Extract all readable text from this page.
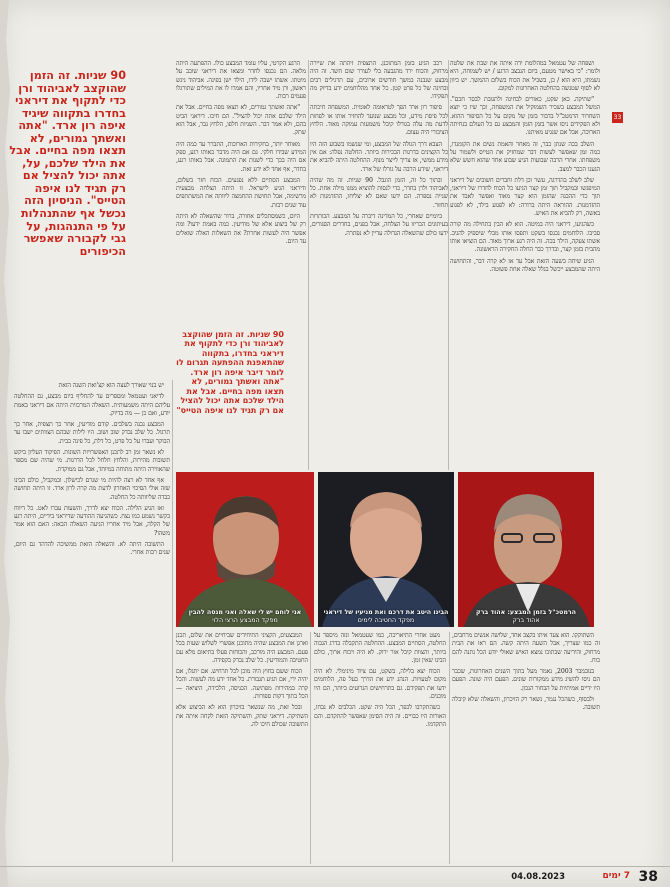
90 שניות. זה הזמן שהוקצב לאביהוד ורן כדי לתקוף את דיראני בחדרו בתקווה שיגיד איפה רון ארד. "אתה ואשתך גמורים, לא תצאו מפה בחיים. אבל את הילד שלכם, על, אתה יכול להציל אם רק תגיד לנו איפה הטייס". הניסיון הזה נכשל אף שהתנהלות על פי התנהגות, על גבי לקבורה שאפשר הכיפורים

ושפחה של עטמאל במהלומת ידה איתה את שבת את שלטה ולומר: "כי באישר מטעם, ביום הנבצב הרגע / יש לשמוחה, היא נשמתו, היא הוא / כן, בשביל את הכוח בשלום ההמשך. יש כיוון לא לסוף שטגשה בהחלטה האחרונות למקום.

"שתיקה. כאן שקט, כאורים לבחינה ולתגובת לבסר חכם". המשל המבצע בשכיר השמוקיל את המשפחה, וכך שיו כי יוצא השחרור הרמטכ"ל בדבור בזמן של מקום על כל הסיפור ההוא. ולא הפקידים ניסו אשר בזמן הזמן והמבצע גם כל העולם בנחיתה הארוכה, אבל אם שנגיע מאיתנו.

השלב בכה שנתן כבר, זה מאחר והאמת נשים את הקומנדו, כמה זמן שאפשר לעשות דבר שמחזיק את הטייס ולשמור על משפחתו. אחרי הרבה שבועות הגיע שבוע אחד שהוא חשש שלא הגענו הכבר למצב.

שלב לשלב בהדרגה, עשר וכן דלת וחברים חשובים של דיראני המיפגשו ובמקביל תוך זמן קצר הגיעו כל הכוח לחדרו של דיראני, תוך כדי ההבנה שהזמן הוא קצר מאוד ואפשר לאבד את ההזדמנות. ההוראה היתה ברורה: לא לפגוע בילד, לא לפגוע באשה, רק להביא את האיש.

כשהגיעו, דיראני היה במיטה. הוא לא הבין בתחילה מה קורה סביבו. הלוחמים נכנסו בשקט ותפסו אותו מבלי שיספיק להגיב. אשתו צעקה, הילד בכה. זה היה רגע ארוך מאוד. הם הוציאו אותו מהבית בזמן קצר, ובדרך כבר החלה החקירה הראשונה.

הגיע שיחה בשעה הזאת אבל עד אז לא קרה דבר, והתחושה היתה שהמבצע ייכשל בגלל שאלה אחת פשוטה.

רכב הגיע בזמן המתוכנן. התצפית זיהתה את שיירה מרחוק, והכוח ירד מהגבעה בלי לעורר שום חשד. זה היה מבצע שנבנה במשך חודשים ארוכים, עם תרגילים רבים ובחינה של כל פרט קטן. כל אחד מהלוחמים ידע בדיוק מה תפקידו.

סיפור רון ארד הפך לטראומה לאומית. המשפחה חיכתה לכל פיסת מידע, וכל מבצע שנועד להחזיר אותו או לפחות לדעת מה עלה בגורלו קיבל משמעות עמוקה מאוד. הלחץ הציבורי היה עצום.

הצבא דרך הגולה של המבצע, ומי שנשמו בשבוע הזה היו כל הקצינים בדרגות הבכירות ביותר. החלטה נפלה: אם אין מידע ממשי, אז צריך לייצר מנוף. ההחלטה היתה להביא את דיראני, שידע הרבה על גורלו של ארד.

ובתוך כל זה, הזמן הוגבל. 90 שניות. זה מה שהיה לאביהוד ולרן בחדר, כדי לנסות להוציא ממנו מילה אחת. כל שנייה נספרה. הם ידעו שאם לא יצליחו, ההזדמנות לא תחזור.

ביומיים שאחרי, כל המדינה דיברה על המבצע. הכותרות בעיתונים הכריזו על הצלחה, אבל בפנים, בחדרים הסגורים, ידעו כולם שהשאלה הגדולה עדיין לא נפתרה.

הרגע הקרטי, עליו עומד המבצע כולו. ההפתעה היתה מלאה. הם נכנסו לחדר ומצאו את דיראני שוכב על מיטתו. אשתו ישבה לידו, הילד ישן בפינה. אביהוד ניגש ראשון, ורן מיד אחריו, והם אמרו לו את המילים שתורגלו פעמים רבות.

"אתה ואשתך גמורים, לא תצאו מפה בחיים. אבל את הילד שלכם אתה יכול להציל". הם חיכו. דיראני הביט בהם, ולא אמר דבר. השניות חלפו, הלחץ גבר, אבל הוא שתק.

מאוחר יותר, בחקירות הארוכות, התברר עד כמה היה המידע שבידו חלקי. גם אם היה מדבר באותו רגע, ספק אם היה בכך כדי לשנות את התמונה. אבל באותו רגע, בחדר, אף אחד לא ידע זאת.

המבצע הסתיים ללא נפגעים. הכוח חזר בשלום, ודיראני הגיע לישראל. זו היתה הצלחה מבצעית מרשימה, אבל תחושת ההחמצה ליוותה את המשתתפים עוד שנים רבות.

היום, כשמסתכלים אחורה, ברור שהשאלה לא היתה רק של ביצוע אלא של מודיעין. כמה באמת ידעו? ומה אפשר היה לעשות אחרת? את השאלות האלה שואלים עד היום.

90 שניות. זה הזמן שהוקצב לאביהוד ורן כדי לתקוף את דיראני בחדרו, בתקווה שהתאפנת ההפתעה תגרום לו לומר דיבר איפה רון ארד. "אתה ואשתך גמורים, לא תצאו מפה בחיים. אבל את הילד שלכם אתה יכול להציל אם רק תגיד לנו איפה הטייס"

יש בנוי שאורך לעצה הוא קצ'ואת השנה הזאת

לדיאני ועטמאל ומספרים עד להחליף ביום מבצע, גם ההחלטה עליהם היתה משמעותית. השאלה המרכזית היתה אם דיראני באמת יודע, ואם כן — מה בדיוק.

המבצע נבנה בשלבים. קודם מודיעין, אחר כך תצפית, אחר כך תרגול. כל שלב נבדק שוב ושוב. היו לילות שבהם הצוותים ישבו עד הבוקר ועברו על כל פרט, כל דלת, כל פינה בבית.

לא נשאר זמן רב לתכנן האפשרויות השונות. הפיקוד העליון ביקש תשובות מהירות, והלחץ חלחל לכל הדרגות. מי שהיה שם מספר שהאווירה היתה מתוחה במיוחד, אבל גם ממוקדת.

אף אחד לא רצה להיות מי שגרם לכישלון. ובמקביל, כולם הבינו שזה אולי הסיכוי האחרון לדעת מה קרה לרון ארד. זו היתה תחושה כבדה שליוותה כל החלטה.

ואז הגיע הלילה. הכוח יצא לדרך, והשעות עברו לאט. כל דיווח בקשר נשמע כמו נצח. כשהגיעה ההודעה שדיראני בידיים, היתה רגע של הקלה, אבל מיד אחריו הגיעה השאלה הבאה: האם הוא אמר משהו?

התשובה היתה לא. והשאלה הזאת ממשיכה להדהד גם היום, שנים רבות אחרי.

הרמטכ"ל בזמן המבצע: אהוד ברק
אהוד ברק
הבינו היטב את דרכם ואת מניעיו של דיראני
מפקד החטיבה לימים
אני לוחם יש לי שאלה ואני מנסה להבין
מפקד המבצע הרצי הלוי

המבצעים, הקציני התיחידים שביחיים את שלום, תכנן וארגן את המבצע שהיה מתוכנן אפשרי לשלוש שעות בכל פעם. המבצע היה מורכב, והכוחות פעלו בתיאום מלא עם החטיבה והמודיעין. כל שלב נבדק בקפידה.

הכוח ששם בחוץ היה מוכן לכל תרחיש. אם יתגלו, אם יהיה ירי, אם תגיע תגבורת. כל אחד ידע מה לעשות. והכל קרה במהירות מפתיעה. הכניסה, הלכידה, היציאה — הכל בתוך דקות ספורות.

ובכל זאת, מה שנשאר בזיכרון הוא לא הביצוע אלא השתיקה. דיראני שתק, והשתיקה הזאת לקחה איתה את התשובה שכולם חיכו לה.

מעט אחרי התיאריכה, כמו שעטמאל ונזה מיספר על החלטה, הסתיים המבצע. ההחלטה התקבלה בדרג הגבוה ביותר, והצוות קיבל אור ירוק. לא היה ויכוח ארוך, כולם הבינו שאין זמן.

הכוח יצא בלילה, בשקט, עם ציוד מינימלי. לא היה מקום לטעויות. הנהג ידע את הדרך בעל פה, הלוחמים ידעו את תפקידם. גם בתרחישים הגרועים ביותר, הם היו מוכנים.

כשהתקרבו לכפר, הכל היה שקט. הכלבים לא נבחו, האורות היו כבויים. זה היה הסימן שאפשר להתקדם. והם התקדמו.

השתוקקו. הוא צעד איתו בקצב אחד, שלושה אנשים מרחבים, זה כמו שצריך, אבל השעה היתה קשה. הם ראו את הבית מרחוק, והידיעה שבתוכו נמצא האיש שאולי יודע הכל נתנה להם כוח.

בנובמבר 2003, נאמר מעל בתוך השנים האחרונות, שכבר הם ניסו להשיג מידע ממקורות שונים. הפעם היה שונה. הפעם היו ידיים אמיתיות על הבחור הנכון.

ולבסוף, כשהכל נגמר, נשאר רק הזיכרון, והשאלה שלא קיבלה תשובה.

33
38
7 ימים
04.08.2023
